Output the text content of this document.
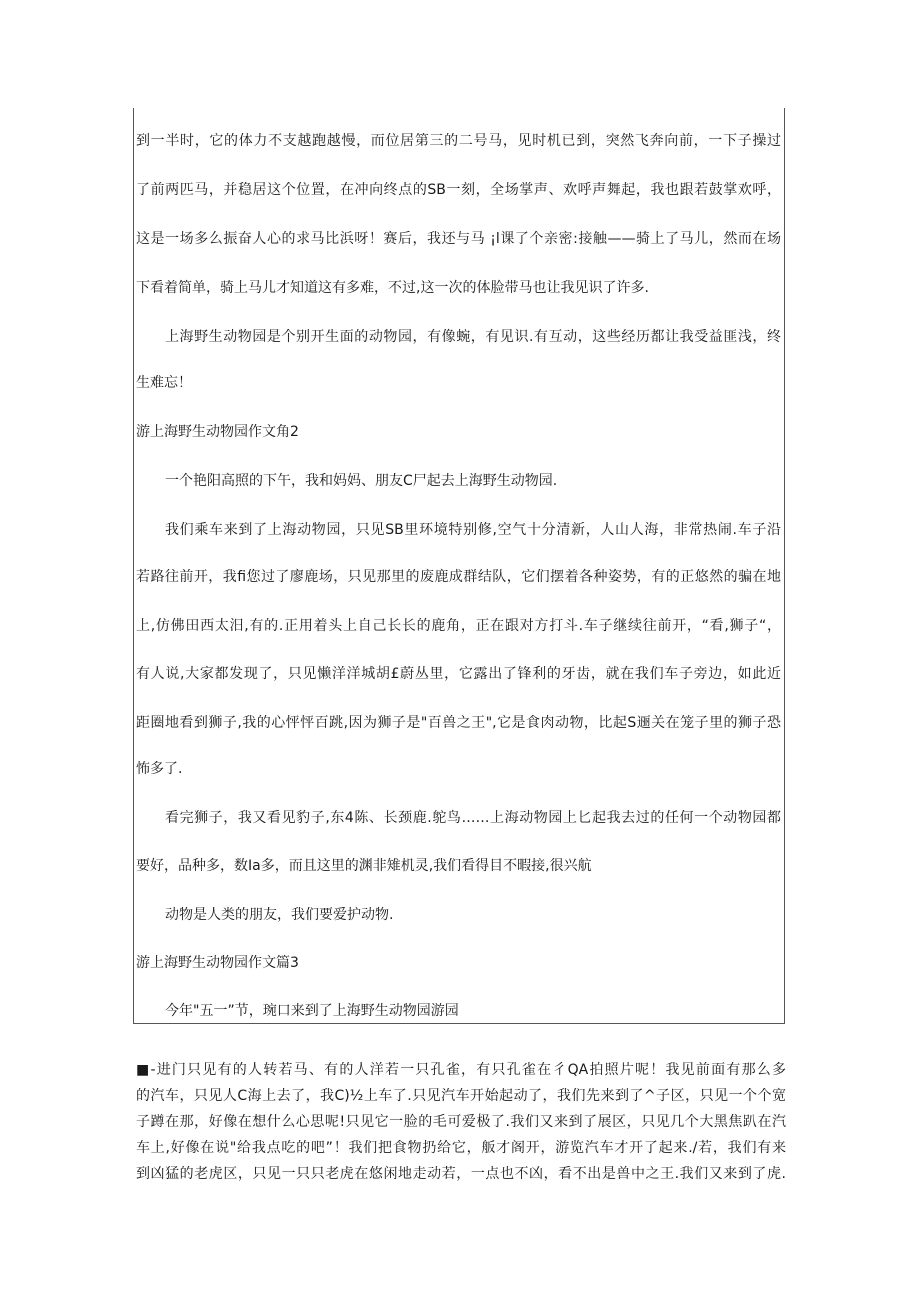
到一半时，它的体力不支越跑越慢，而位居第三的二号马，见时机已到，突然飞奔向前，一下子操过
了前两匹马，并稳居这个位置，在冲向终点的SB一刻，全场掌声、欢呼声舞起，我也跟若鼓掌欢呼，
这是一场多么振奋人心的求马比浜呀！赛后，我还与马 ¡l课了个亲密:接触——骑上了马儿，然而在场
下看着简单，骑上马儿才知道这有多难，不过,这一次的体脸带马也让我见识了许多.
上海野生动物园是个别开生面的动物园，有像蜿，有见识.有互动，这些经历都让我受益匪浅，终
生难忘！
游上海野生动物园作文角2
一个艳阳高照的下午，我和妈妈、朋友C尸起去上海野生动物园.
我们乘车来到了上海动物园，只见SB里环境特别修,空气十分清新，人山人海，非常热闹.车子沿
若路往前开，我fi您过了廖鹿场，只见那里的废鹿成群结队，它们摆着各种姿势，有的正悠然的骗在地
上,仿佛田西太汨,有的.正用着头上自己长长的鹿角，正在跟对方打斗.车子继续往前开，“看,狮子“，
有人说,大家都发现了，只见懒洋洋城胡£蔚丛里，它露出了锋利的牙齿，就在我们车子旁边，如此近
距圈地看到狮子,我的心怦怦百跳,因为狮子是"百兽之王",它是食肉动物，比起S逦关在笼子里的狮子恐
怖多了.
看完狮子，我又看见豹子,东4陈、长颈鹿.鸵鸟……上海动物园上匕起我去过的任何一个动物园都
要好，品种多，数Ia多，而且这里的渊非雉机灵,我们看得目不暇接,很兴航
动物是人类的朋友，我们要爱护动物.
游上海野生动物园作文篇3
今年"五一”节，琬口来到了上海野生动物园游园
■-进门只见有的人转若马、有的人洋若一只孔雀，有只孔雀在彳QA拍照片呢！我见前面有那么多
的汽车，只见人C海上去了，我C)½上车了.只见汽车开始起动了，我们先来到了^子区，只见一个个宽
子蹲在那，好像在想什么心思呢!只见它一脸的毛可爱极了.我们又来到了展区，只见几个大黑焦趴在汽
车上,好像在说"给我点吃的吧”！我们把食物扔给它，舨才阁开，游览汽车才开了起来./若，我们有来
到凶猛的老虎区，只见一只只老虎在悠闲地走动若，一点也不凶，看不出是兽中之王.我们又来到了虎.
